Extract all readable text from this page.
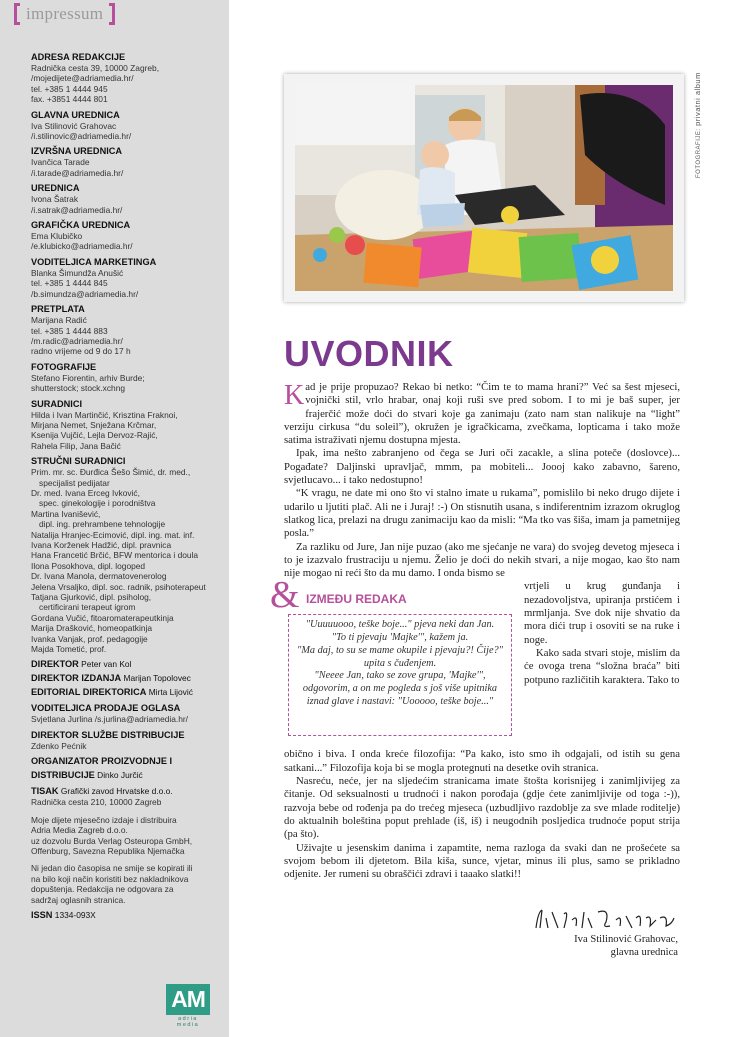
impressum
ADRESA REDAKCIJE
Radnička cesta 39, 10000 Zagreb,
/mojedijete@adriamedia.hr/
tel. +385 1 4444 945
fax. +3851 4444 801
GLAVNA UREDNICA
Iva Stilinović Grahovac
/i.stilinovic@adriamedia.hr/
IZVRŠNA UREDNICA
Ivančica Tarade
/i.tarade@adriamedia.hr/
UREDNICA
Ivona Šatrak
/i.satrak@adriamedia.hr/
GRAFIČKA UREDNICA
Ema Klubičko
/e.klubicko@adriamedia.hr/
VODITELJICA MARKETINGA
Blanka Šimundža Anušić
tel. +385 1 4444 845
/b.simundza@adriamedia.hr/
PRETPLATA
Marijana Radić
tel. +385 1 4444 883
/m.radic@adriamedia.hr/
radno vrijeme od 9 do 17 h
FOTOGRAFIJE
Stefano Fiorentin, arhiv Burde;
shutterstock; stock.xchng
SURADNICI
Hilda i Ivan Martinčić, Krisztina Fraknoi,
Mirjana Nemet, Snježana Krčmar,
Ksenija Vujčić, Lejla Dervoz-Rajić,
Rahela Filip, Jana Bačić
STRUČNI SURADNICI
Prim. mr. sc. Đurđica Šešo Šimić, dr. med.,
specijalist pedijatar
Dr. med. Ivana Erceg Ivković,
spec. ginekologije i porodništva
Martina Ivanišević,
dipl. ing. prehrambene tehnologije
Natalija Hranjec-Ecimović, dipl. ing. mat. inf.
Ivana Korženek Hadžić, dipl. pravnica
Hana Francetić Brčić, BFW mentorica i doula
Ilona Posokhova, dipl. logoped
Dr. Ivana Manola, dermatovenerolog
Jelena Vrsaljko, dipl. soc. radnik, psihoterapeut
Tatjana Gjurković, dipl. psiholog,
certificirani terapeut igrom
Gordana Vučić, fitoaromaterapeutkinja
Marija Drašković, homeopatkinja
Ivanka Vanjak, prof. pedagogije
Majda Tometić, prof.
DIREKTOR Peter van Kol
DIREKTOR IZDANJA Marijan Topolovec
EDITORIAL DIREKTORICA Mirta Lijović
VODITELJICA PRODAJE OGLASA
Svjetlana Jurlina /s.jurlina@adriamedia.hr/
DIREKTOR SLUŽBE DISTRIBUCIJE
Zdenko Pećnik
ORGANIZATOR PROIZVODNJE I
DISTRIBUCIJE Dinko Jurčić
TISAK Grafički zavod Hrvatske d.o.o.
Radnička cesta 210, 10000 Zagreb
Moje dijete mjesečno izdaje i distribuira
Adria Media Zagreb d.o.o.
uz dozvolu Burda Verlag Osteuropa GmbH,
Offenburg, Savezna Republika Njemačka
Ni jedan dio časopisa ne smije se kopirati ili
na bilo koji način koristiti bez nakladnikova
dopuštenja. Redakcija ne odgovara za
sadržaj oglasnih stranica.
ISSN 1334-093X
AM
adria media
FOTOGRAFIJE: privatni album
UVODNIK

Kad je prije propuzao? Rekao bi netko: “Čim te to mama hrani?” Već sa šest mjeseci, vojnički stil, vrlo hrabar, onaj koji ruši sve pred sobom. I to mi je baš super, jer frajerčić može doći do stvari koje ga zanimaju (zato nam stan nalikuje na “light” verziju cirkusa “du soleil”), okružen je igračkicama, zvečkama, lopticama i tako može satima istraživati njemu dostupna mjesta.

Ipak, ima nešto zabranjeno od čega se Juri oči zacakle, a slina poteče (doslovce)... Pogađate? Daljinski upravljač, mmm, pa mobiteli... Joooj kako zabavno, šareno, svjetlucavo... i tako nedostupno!

“K vragu, ne date mi ono što vi stalno imate u rukama”, pomislilo bi neko drugo dijete i udarilo u ljutiti plač. Ali ne i Juraj! :-) On stisnutih usana, s indiferentnim izrazom okruglog slatkog lica, prelazi na drugu zanimaciju kao da misli: “Ma tko vas šiša, imam ja pametnijeg posla.”

Za razliku od Jure, Jan nije puzao (ako me sjećanje ne vara) do svojeg devetog mjeseca i to je izazvalo frustraciju u njemu. Želio je doći do nekih stvari, a nije mogao, kao što nam nije mogao ni reći što da mu damo. I onda bismo se

& IZMEĐU REDAKA
"Uuuuuooo, teške boje..." pjeva neki dan Jan.
"To ti pjevaju 'Majke'", kažem ja.
"Ma daj, to su se mame okupile i pjevaju?! Čije?"
upita s čuđenjem.
"Neeee Jan, tako se zove grupa, 'Majke'",
odgovorim, a on me pogleda s još više upitnika
iznad glave i nastavi: "Uooooo, teške boje..."

vrtjeli u krug gunđanja i nezadovoljstva, upiranja prstićem i mrmljanja. Sve dok nije shvatio da mora dići trup i osoviti se na ruke i noge.

Kako sada stvari stoje, mislim da će ovoga trena “složna braća” biti potpuno različitih karaktera. Tako to

obično i biva. I onda kreće filozofija: “Pa kako, isto smo ih odgajali, od istih su gena satkani...” Filozofija koja bi se mogla protegnuti na desetke ovih stranica.

Nasreću, neće, jer na sljedećim stranicama imate štošta korisnijeg i zanimljivijeg za čitanje. Od seksualnosti u trudnoći i nakon porođaja (gdje ćete zanimljivije od toga :-)), razvoja bebe od rođenja pa do trećeg mjeseca (uzbudljivo razdoblje za sve mlade roditelje) do aktualnih boleština poput prehlade (iš, iš) i neugodnih posljedica trudnoće poput strija (pa što).

Uživajte u jesenskim danima i zapamtite, nema razloga da svaki dan ne prošećete sa svojom bebom ili djetetom. Bila kiša, sunce, vjetar, minus ili plus, samo se prikladno odjenite. Jer rumeni su obraščići zdravi i taaako slatki!!

Iva Stilinović Grahovac,
glavna urednica
